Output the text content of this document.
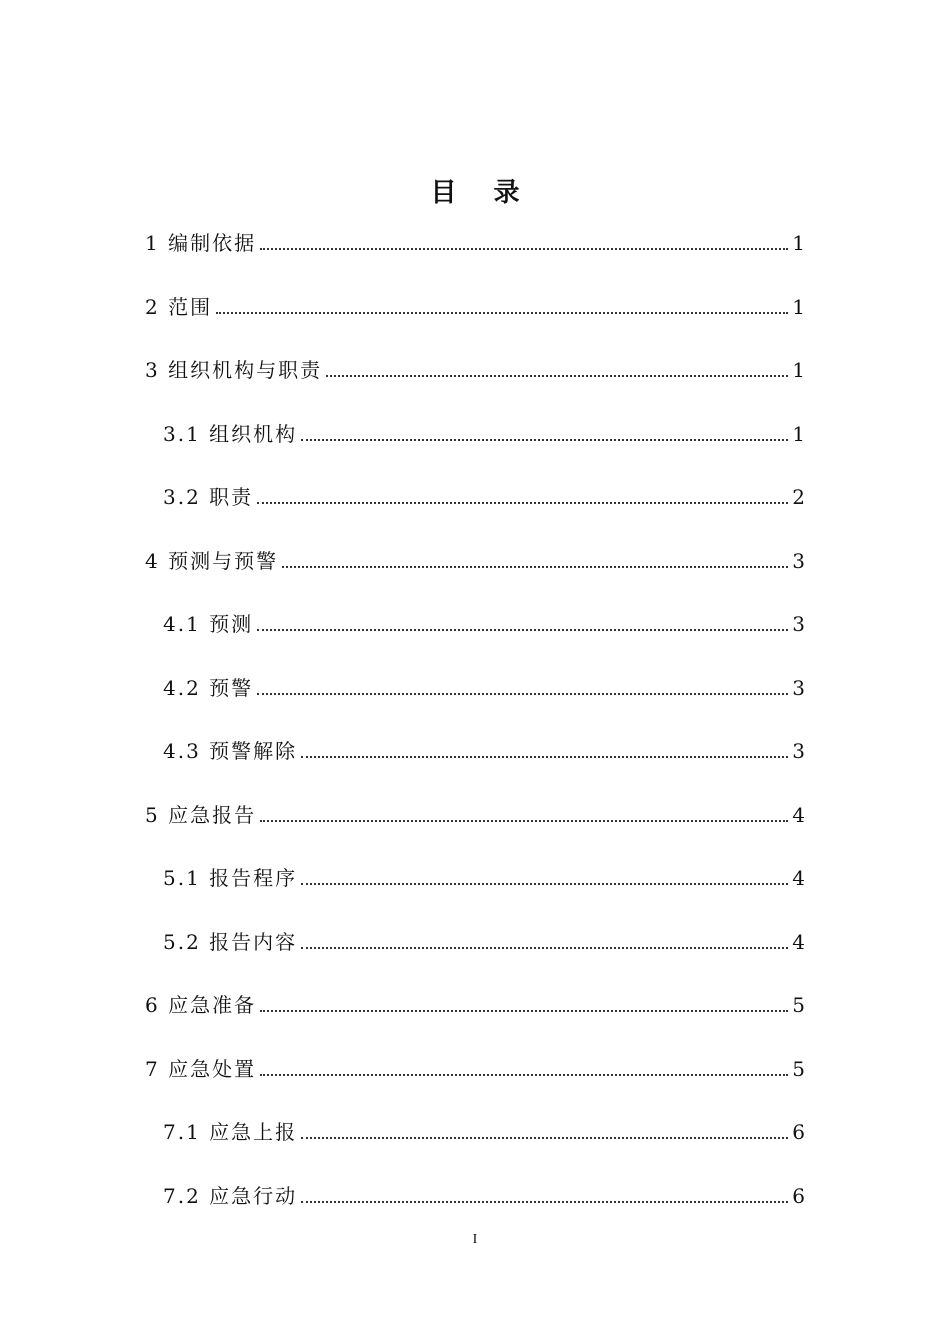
目 录
1 编制依据	1
2 范围	1
3 组织机构与职责	1
3.1 组织机构	1
3.2 职责	2
4 预测与预警	3
4.1 预测	3
4.2 预警	3
4.3 预警解除	3
5 应急报告	4
5.1 报告程序	4
5.2 报告内容	4
6 应急准备	5
7 应急处置	5
7.1 应急上报	6
7.2 应急行动	6
I
